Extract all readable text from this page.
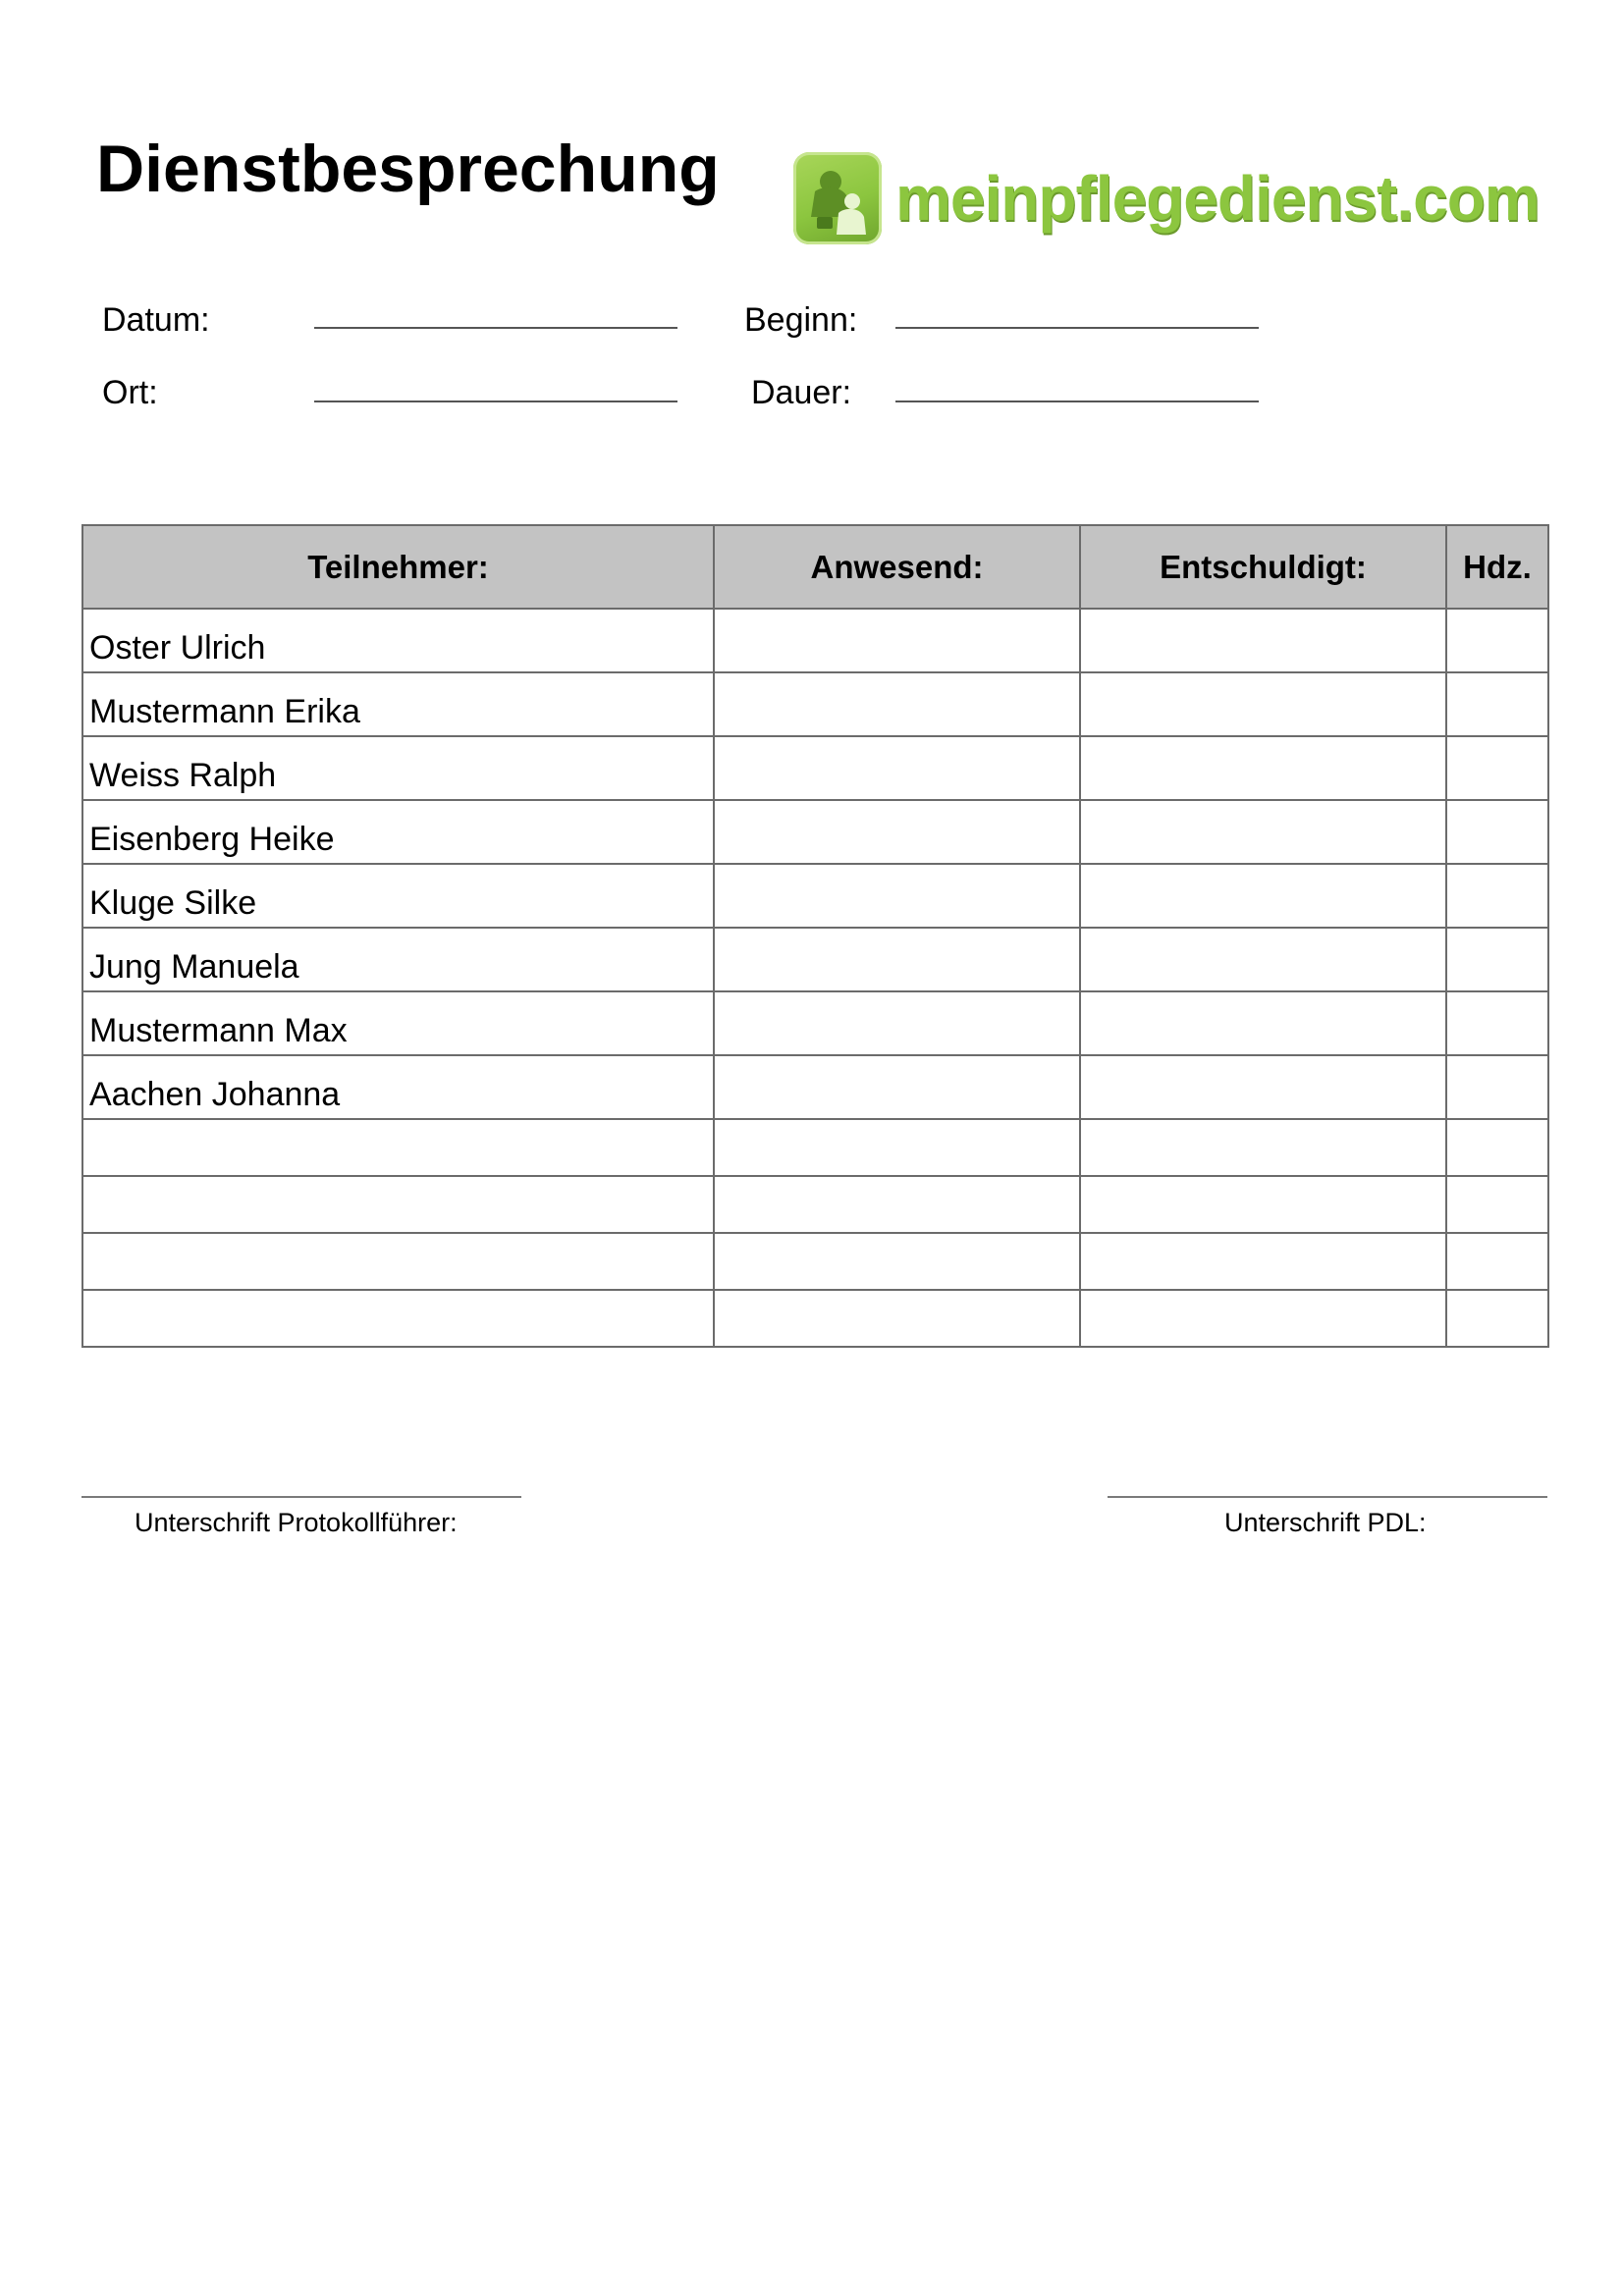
Dienstbesprechung	meinpflegedienst.com
Datum:	Beginn:
Ort:	Dauer:
Teilnehmer:	Anwesend:	Entschuldigt:	Hdz.
Oster Ulrich			
Mustermann Erika			
Weiss Ralph			
Eisenberg Heike			
Kluge Silke			
Jung Manuela			
Mustermann Max			
Aachen Johanna			

Unterschrift Protokollführer:	Unterschrift PDL:
